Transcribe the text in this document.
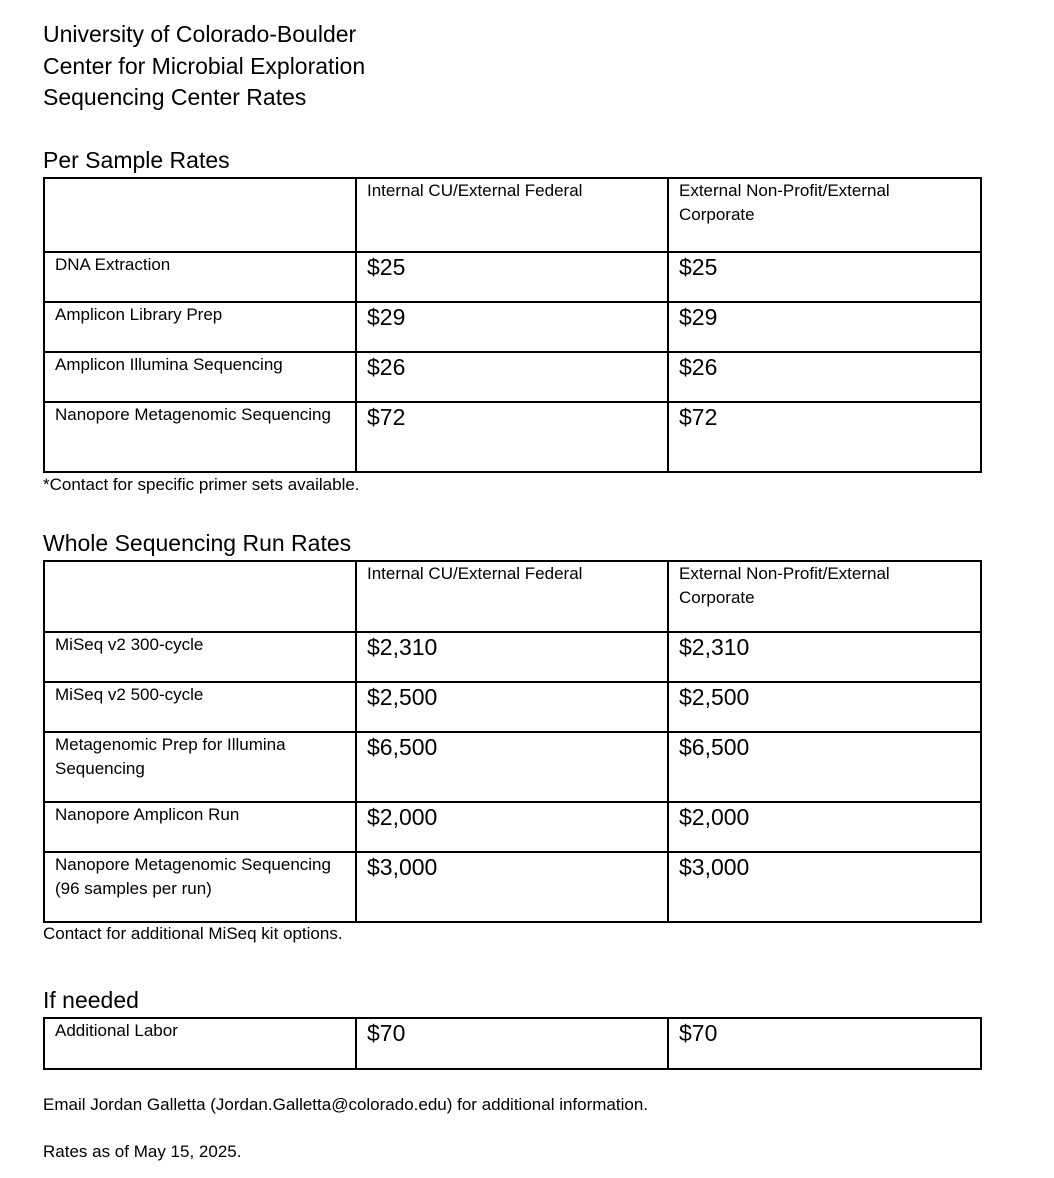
University of Colorado-Boulder
Center for Microbial Exploration
Sequencing Center Rates
Per Sample Rates
	Internal CU/External Federal	External Non-Profit/External Corporate
DNA Extraction	$25	$25
Amplicon Library Prep	$29	$29
Amplicon Illumina Sequencing	$26	$26
Nanopore Metagenomic Sequencing	$72	$72
*Contact for specific primer sets available.
Whole Sequencing Run Rates
	Internal CU/External Federal	External Non-Profit/External Corporate
MiSeq v2 300-cycle	$2,310	$2,310
MiSeq v2 500-cycle	$2,500	$2,500
Metagenomic Prep for Illumina Sequencing	$6,500	$6,500
Nanopore Amplicon Run	$2,000	$2,000
Nanopore Metagenomic Sequencing (96 samples per run)	$3,000	$3,000
Contact for additional MiSeq kit options.
If needed
Additional Labor	$70	$70
Email Jordan Galletta (Jordan.Galletta@colorado.edu) for additional information.
Rates as of May 15, 2025.
